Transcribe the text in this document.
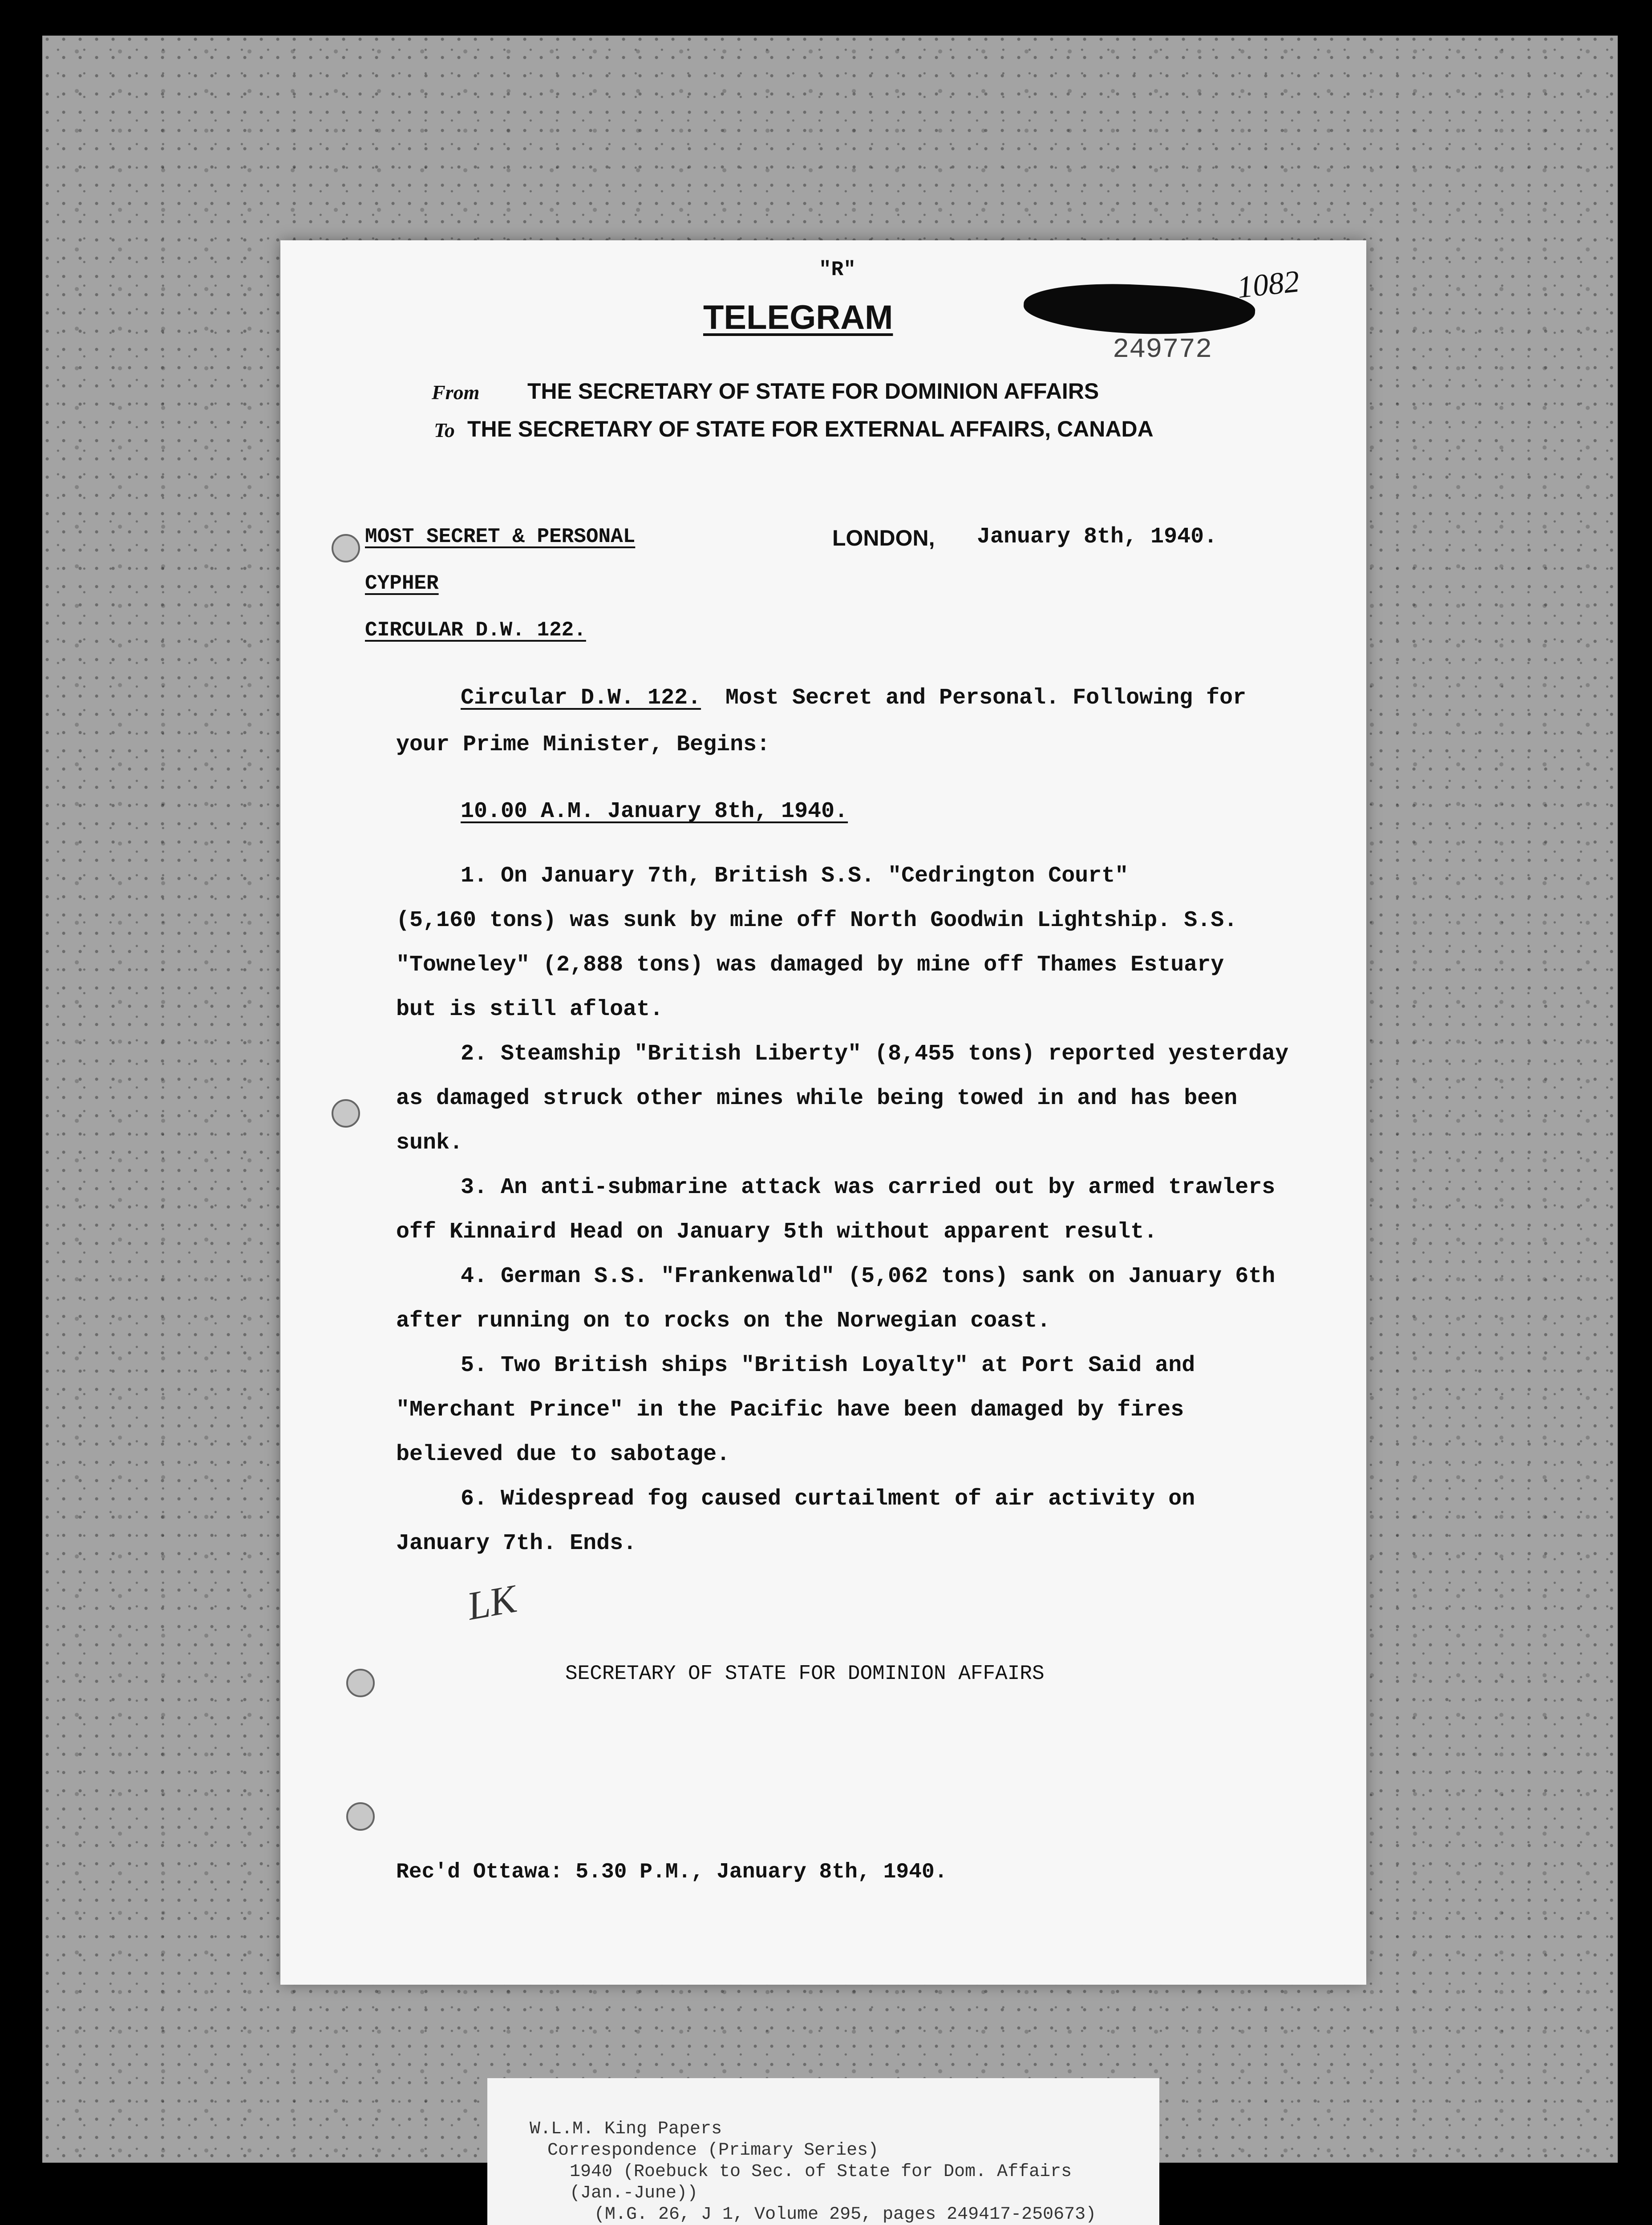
"R"
TELEGRAM
1082
249772
From THE SECRETARY OF STATE FOR DOMINION AFFAIRS
To THE SECRETARY OF STATE FOR EXTERNAL AFFAIRS, CANADA
MOST SECRET & PERSONAL	LONDON, January 8th, 1940.
CYPHER
CIRCULAR D.W. 122.
Circular D.W. 122. Most Secret and Personal. Following for
your Prime Minister, Begins:
10.00 A.M. January 8th, 1940.
1. On January 7th, British S.S. "Cedrington Court"
(5,160 tons) was sunk by mine off North Goodwin Lightship. S.S.
"Towneley" (2,888 tons) was damaged by mine off Thames Estuary
but is still afloat.
2. Steamship "British Liberty" (8,455 tons) reported yesterday
as damaged struck other mines while being towed in and has been
sunk.
3. An anti-submarine attack was carried out by armed trawlers
off Kinnaird Head on January 5th without apparent result.
4. German S.S. "Frankenwald" (5,062 tons) sank on January 6th
after running on to rocks on the Norwegian coast.
5. Two British ships "British Loyalty" at Port Said and
"Merchant Prince" in the Pacific have been damaged by fires
believed due to sabotage.
6. Widespread fog caused curtailment of air activity on
January 7th. Ends.
LK
SECRETARY OF STATE FOR DOMINION AFFAIRS
Rec'd Ottawa: 5.30 P.M., January 8th, 1940.
W.L.M. King Papers
Correspondence (Primary Series)
1940 (Roebuck to Sec. of State for Dom. Affairs
(Jan.-June))
(M.G. 26, J 1, Volume 295, pages 249417-250673)
